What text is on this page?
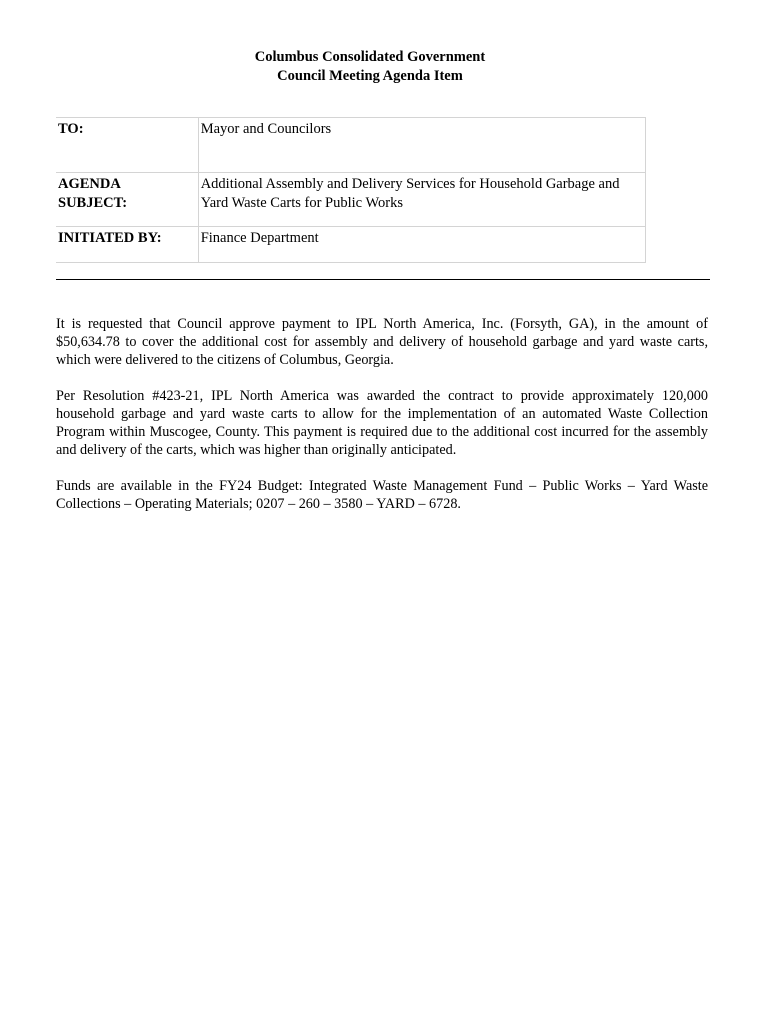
Columbus Consolidated Government
Council Meeting Agenda Item
TO:	Mayor and Councilors

AGENDA
SUBJECT:	Additional Assembly and Delivery Services for Household Garbage and Yard Waste Carts for Public Works
INITIATED BY:	Finance Department

It is requested that Council approve payment to IPL North America, Inc. (Forsyth, GA), in the amount of $50,634.78 to cover the additional cost for assembly and delivery of household garbage and yard waste carts, which were delivered to the citizens of Columbus, Georgia.

Per Resolution #423-21, IPL North America was awarded the contract to provide approximately 120,000 household garbage and yard waste carts to allow for the implementation of an automated Waste Collection Program within Muscogee, County. This payment is required due to the additional cost incurred for the assembly and delivery of the carts, which was higher than originally anticipated.

Funds are available in the FY24 Budget: Integrated Waste Management Fund – Public Works – Yard Waste Collections – Operating Materials; 0207 – 260 – 3580 – YARD – 6728.
